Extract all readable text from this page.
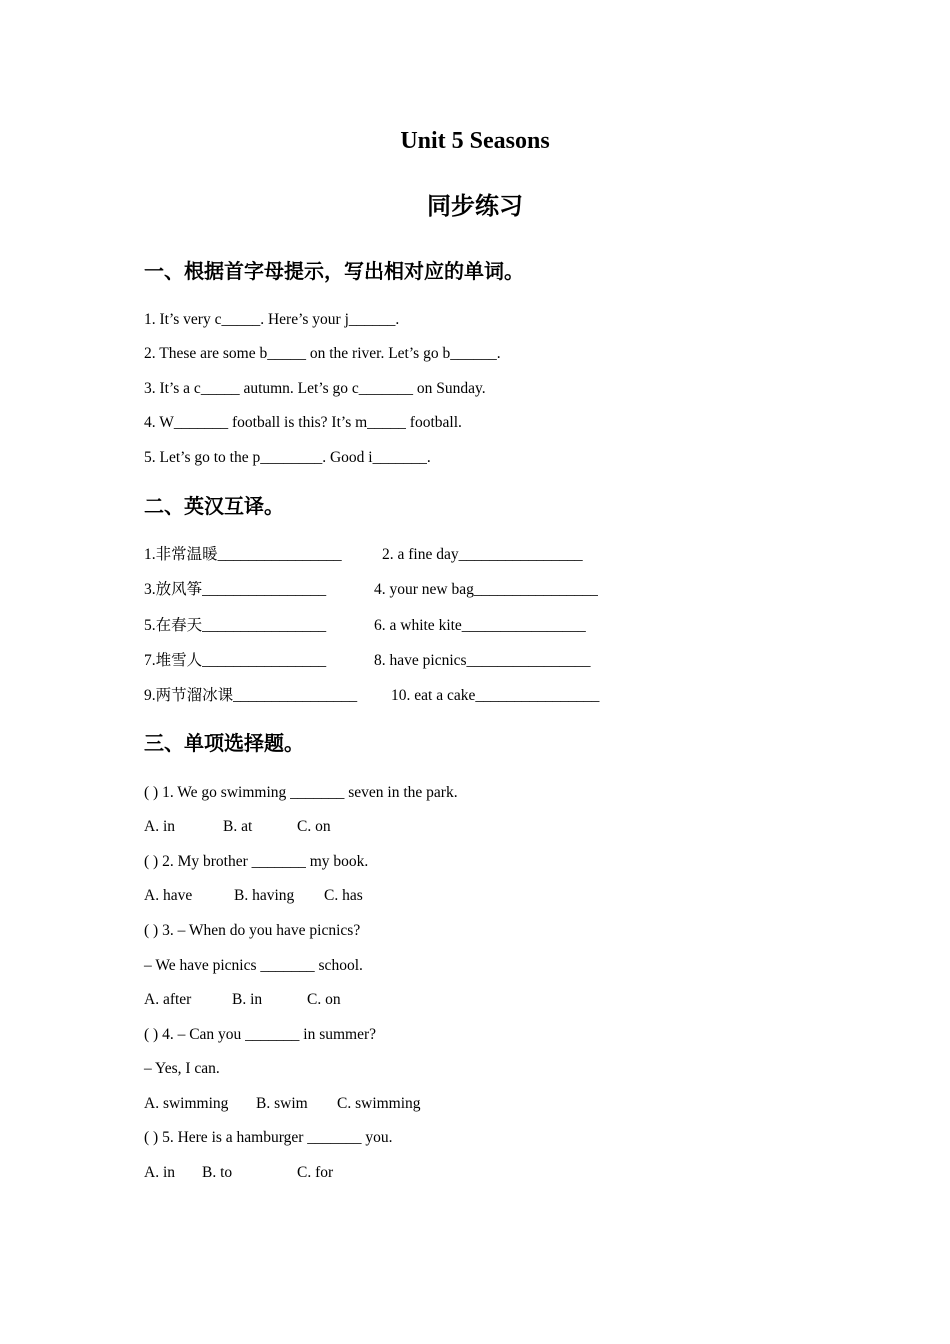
Unit 5 Seasons
同步练习
一、根据首字母提示，写出相对应的单词。

1. It’s very c_____. Here’s your j______.

2. These are some b_____ on the river. Let’s go b______.

3. It’s a c_____ autumn. Let’s go c_______ on Sunday.

4. W_______ football is this? It’s m_____ football.

5. Let’s go to the p________. Good i_______.

二、英汉互译。

1.非常温暖________________	2. a fine day________________

3.放风筝________________	4. your new bag________________

5.在春天________________	6. a white kite________________

7.堆雪人________________	8. have picnics________________

9.两节溜冰课________________ 10. eat a cake________________

三、单项选择题。

( ) 1. We go swimming _______ seven in the park.

A. in	B. at	C. on

( ) 2. My brother _______ my book.

A. have	B. having C. has

( ) 3. – When do you have picnics?

– We have picnics _______ school.

A. after	B. in	C. on

( ) 4. – Can you _______ in summer?

– Yes, I can.

A. swimming B. swim C. swimming

( ) 5. Here is a hamburger _______ you.

A. in B. to	C. for
